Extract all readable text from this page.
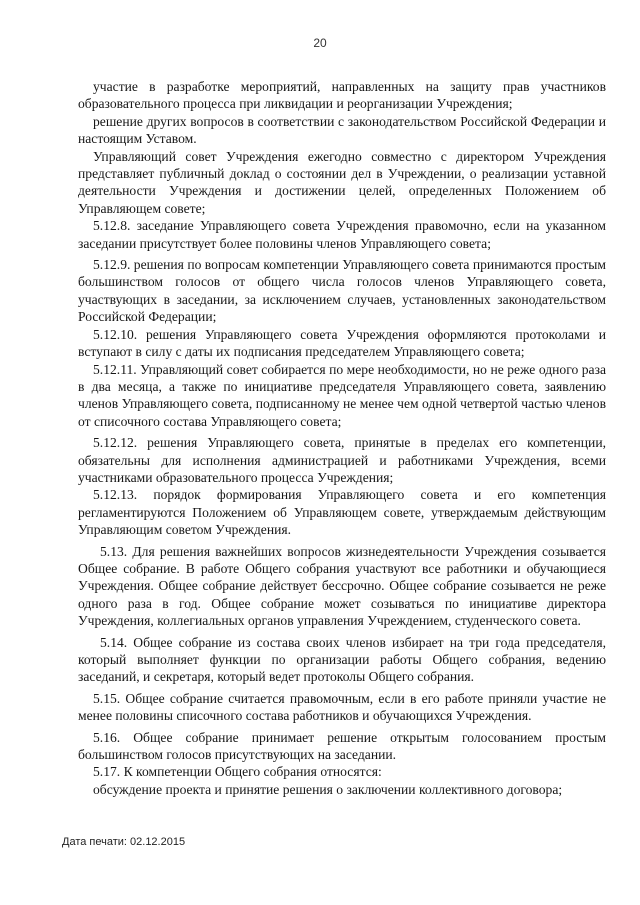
20

участие в разработке мероприятий, направленных на защиту прав участников образовательного процесса при ликвидации и реорганизации Учреждения;

решение других вопросов в соответствии с законодательством Российской Федерации и настоящим Уставом.

Управляющий совет Учреждения ежегодно совместно с директором Учреждения представляет публичный доклад о состоянии дел в Учреждении, о реализации уставной деятельности Учреждения и достижении целей, определенных Положением об Управляющем совете;

5.12.8. заседание Управляющего совета Учреждения правомочно, если на указанном заседании присутствует более половины членов Управляющего совета;

5.12.9. решения по вопросам компетенции Управляющего совета принимаются простым большинством голосов от общего числа голосов членов Управляющего совета, участвующих в заседании, за исключением случаев, установленных законодательством Российской Федерации;

5.12.10. решения Управляющего совета Учреждения оформляются протоколами и вступают в силу с даты их подписания председателем Управляющего совета;

5.12.11. Управляющий совет собирается по мере необходимости, но не реже одного раза в два месяца, а также по инициативе председателя Управляющего совета, заявлению членов Управляющего совета, подписанному не менее чем одной четвертой частью членов от списочного состава Управляющего совета;

5.12.12. решения Управляющего совета, принятые в пределах его компетенции, обязательны для исполнения администрацией и работниками Учреждения, всеми участниками образовательного процесса Учреждения;

5.12.13. порядок формирования Управляющего совета и его компетенция регламентируются Положением об Управляющем совете, утверждаемым действующим Управляющим советом Учреждения.

5.13. Для решения важнейших вопросов жизнедеятельности Учреждения созывается Общее собрание. В работе Общего собрания участвуют все работники и обучающиеся Учреждения. Общее собрание действует бессрочно. Общее собрание созывается не реже одного раза в год. Общее собрание может созываться по инициативе директора Учреждения, коллегиальных органов управления Учреждением, студенческого совета.

5.14. Общее собрание из состава своих членов избирает на три года председателя, который выполняет функции по организации работы Общего собрания, ведению заседаний, и секретаря, который ведет протоколы Общего собрания.

5.15. Общее собрание считается правомочным, если в его работе приняли участие не менее половины списочного состава работников и обучающихся Учреждения.

5.16. Общее собрание принимает решение открытым голосованием простым большинством голосов присутствующих на заседании.

5.17. К компетенции Общего собрания относятся:

обсуждение проекта и принятие решения о заключении коллективного договора;

Дата печати: 02.12.2015
